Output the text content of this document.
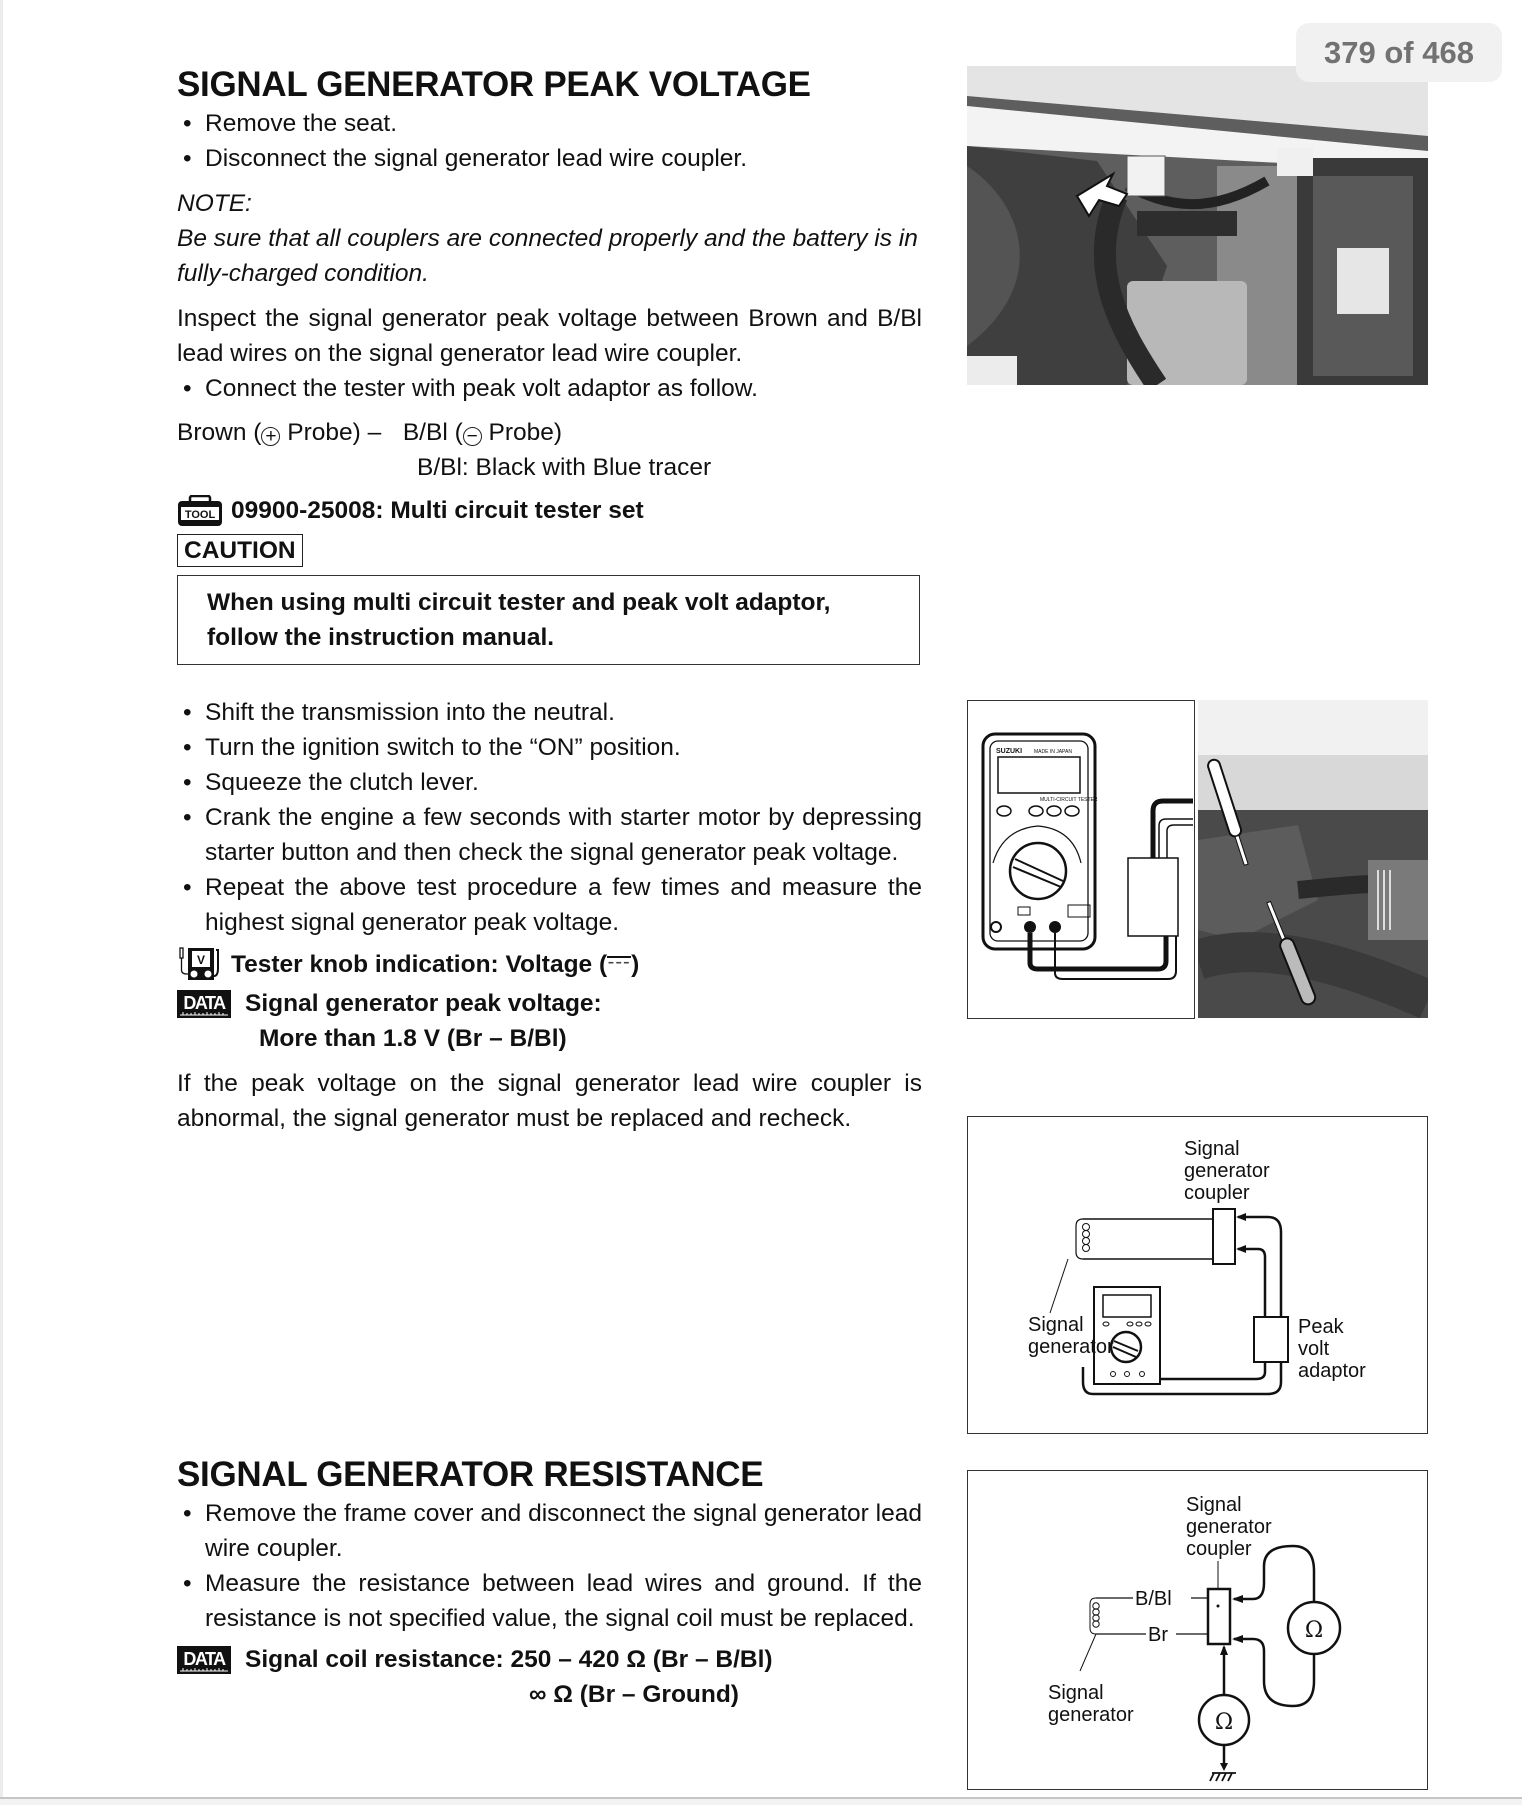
379 of 468
SIGNAL GENERATOR PEAK VOLTAGE
• Remove the seat.
• Disconnect the signal generator lead wire coupler.

NOTE:

Be sure that all couplers are connected properly and the battery is in fully-charged condition.

Inspect the signal generator peak voltage between Brown and B/Bl lead wires on the signal generator lead wire coupler.

• Connect the tester with peak volt adaptor as follow.
Brown ( + Probe) – B/Bl ( − Probe)

B/Bl: Black with Blue tracer

TOOL 09900-25008: Multi circuit tester set
CAUTION
When using multi circuit tester and peak volt adaptor, follow the instruction manual.
• Shift the transmission into the neutral.
• Turn the ignition switch to the “ON” position.
• Squeeze the clutch lever.
• Crank the engine a few seconds with starter motor by depressing starter button and then check the signal generator peak voltage.
• Repeat the above test procedure a few times and measure the highest signal generator peak voltage.
V Tester knob indication: Voltage (---)
DATA Signal generator peak voltage:
More than 1.8 V (Br – B/Bl)

If the peak voltage on the signal generator lead wire coupler is abnormal, the signal generator must be replaced and recheck.

SIGNAL GENERATOR RESISTANCE
• Remove the frame cover and disconnect the signal generator lead wire coupler.
• Measure the resistance between lead wires and ground. If the resistance is not specified value, the signal coil must be replaced.
DATA Signal coil resistance: 250 – 420 Ω (Br – B/Bl)
∞ Ω (Br – Ground)
SUZUKI MADE IN JAPAN
MULTI-CIRCUIT TESTER
Signal
generator
coupler
Peak
volt
adaptor
Signal
generator
Signal
generator
coupler
B/Bl
Br	Ω
Ω
Signal
generator
